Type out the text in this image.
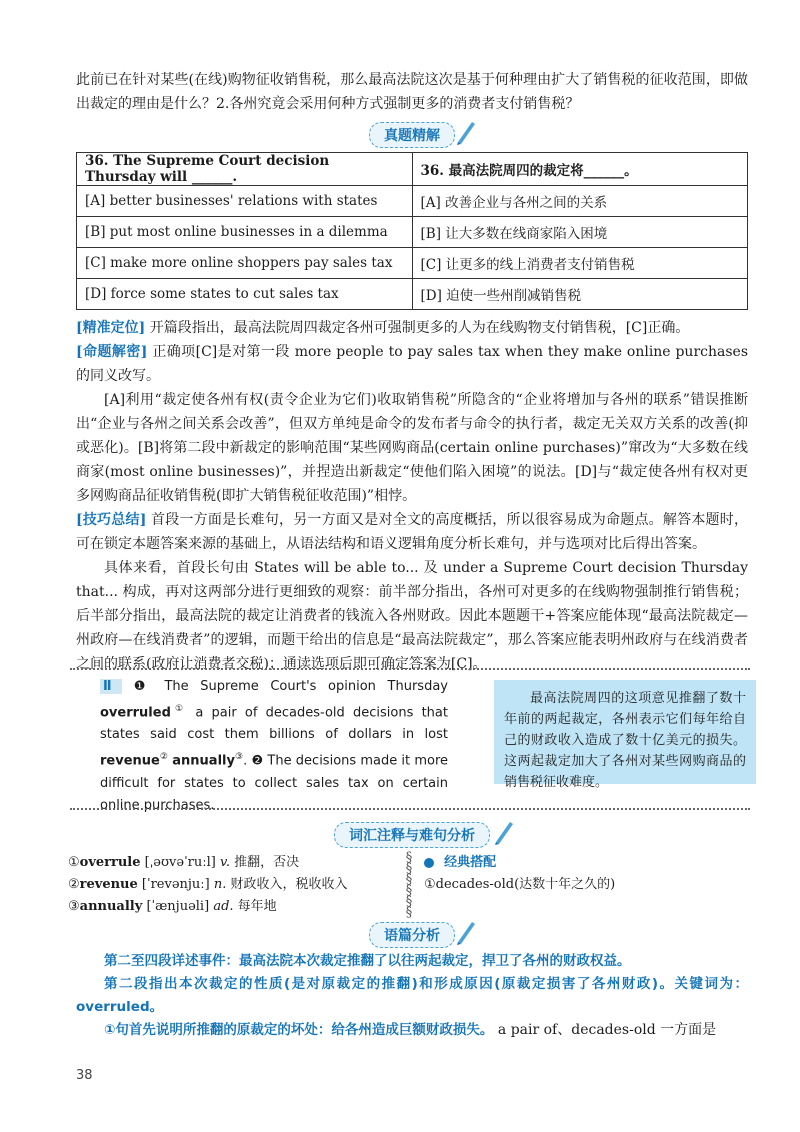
此前已在针对某些(在线)购物征收销售税，那么最高法院这次是基于何种理由扩大了销售税的征收范围，即做出裁定的理由是什么？2.各州究竟会采用何种方式强制更多的消费者支付销售税？

真题精解
36. The Supreme Court decision Thursday will ______.	36. 最高法院周四的裁定将______。
[A] better businesses' relations with states	[A] 改善企业与各州之间的关系
[B] put most online businesses in a dilemma	[B] 让大多数在线商家陷入困境
[C] make more online shoppers pay sales tax	[C] 让更多的线上消费者支付销售税
[D] force some states to cut sales tax	[D] 迫使一些州削减销售税

[精准定位] 开篇段指出，最高法院周四裁定各州可强制更多的人为在线购物支付销售税，[C]正确。

[命题解密] 正确项[C]是对第一段 more people to pay sales tax when they make online purchases 的同义改写。

[A]利用“裁定使各州有权(责令企业为它们)收取销售税”所隐含的“企业将增加与各州的联系”错误推断出“企业与各州之间关系会改善”，但双方单纯是命令的发布者与命令的执行者，裁定无关双方关系的改善(抑或恶化)。[B]将第二段中新裁定的影响范围“某些网购商品(certain online purchases)”窜改为“大多数在线商家(most online businesses)”，并捏造出新裁定“使他们陷入困境”的说法。[D]与“裁定使各州有权对更多网购商品征收销售税(即扩大销售税征收范围)”相悖。

[技巧总结] 首段一方面是长难句，另一方面又是对全文的高度概括，所以很容易成为命题点。解答本题时，可在锁定本题答案来源的基础上，从语法结构和语义逻辑角度分析长难句，并与选项对比后得出答案。

具体来看，首段长句由 States will be able to... 及 under a Supreme Court decision Thursday that... 构成，再对这两部分进行更细致的观察：前半部分指出，各州可对更多的在线购物强制推行销售税；后半部分指出，最高法院的裁定让消费者的钱流入各州财政。因此本题题干+答案应能体现“最高法院裁定—州政府—在线消费者”的逻辑，而题干给出的信息是“最高法院裁定”，那么答案应能表明州政府与在线消费者之间的联系(政府让消费者交税)；通读选项后即可确定答案为[C]。

Ⅱ ❶ The Supreme Court's opinion Thursday overruled① a pair of decades-old decisions that states said cost them billions of dollars in lost revenue② annually③. ❷ The decisions made it more difficult for states to collect sales tax on certain online purchases.
最高法院周四的这项意见推翻了数十年前的两起裁定，各州表示它们每年给自己的财政收入造成了数十亿美元的损失。这两起裁定加大了各州对某些网购商品的销售税征收难度。
词汇注释与难句分析
①overrule [ˌəʊvəˈruːl] v. 推翻，否决
②revenue [ˈrevənjuː] n. 财政收入，税收收入
③annually [ˈænjuəli] ad. 每年地
§
§
§
§
§
§
经典搭配
①decades-old(达数十年之久的)
语篇分析

第二至四段详述事件：最高法院本次裁定推翻了以往两起裁定，捍卫了各州的财政权益。

第二段指出本次裁定的性质(是对原裁定的推翻)和形成原因(原裁定损害了各州财政)。关键词为：overruled。

①句首先说明所推翻的原裁定的坏处：给各州造成巨额财政损失。 a pair of、decades-old 一方面是

38
